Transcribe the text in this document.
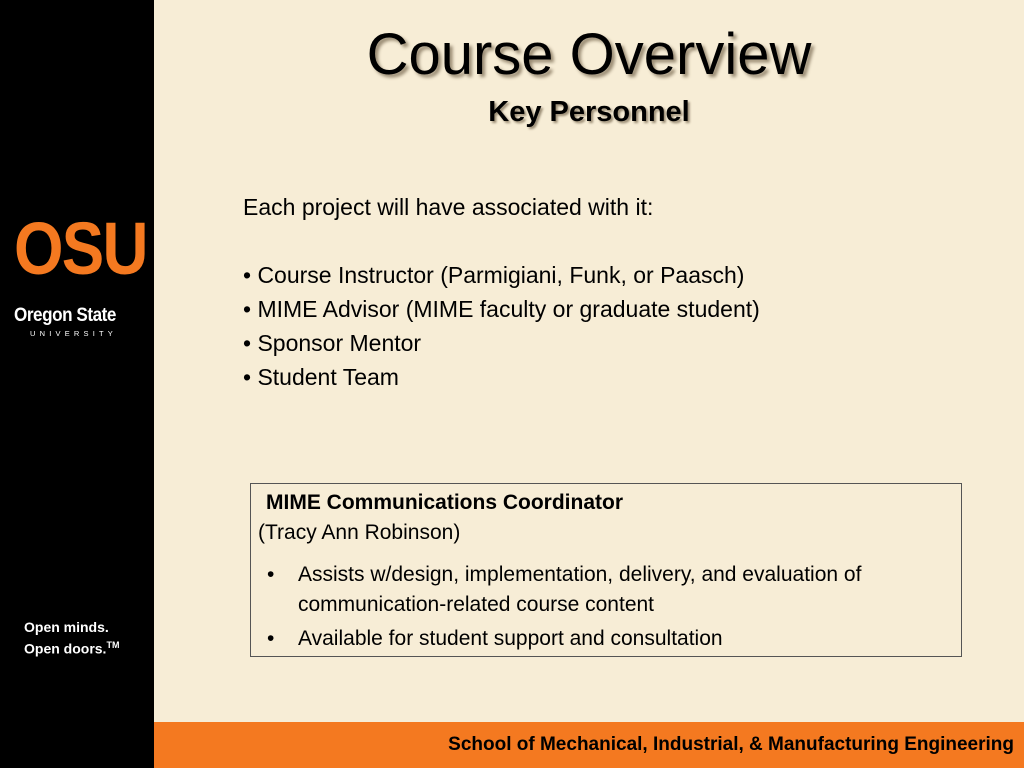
OSU
Oregon State
UNIVERSITY
Open minds.
Open doors.™
Course Overview
Key Personnel
Each project will have associated with it:
• Course Instructor (Parmigiani, Funk, or Paasch)
• MIME Advisor (MIME faculty or graduate student)
• Sponsor Mentor
• Student Team
MIME Communications Coordinator
(Tracy Ann Robinson)
• Assists w/design, implementation, delivery, and evaluation of communication-related course content
• Available for student support and consultation
School of Mechanical, Industrial, & Manufacturing Engineering
